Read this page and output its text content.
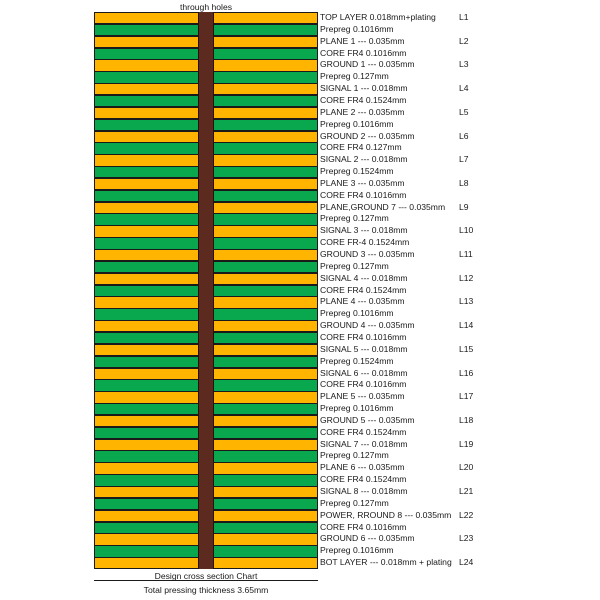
through holes
TOP LAYER 0.018mm+plating	L1
Prepreg 0.1016mm
PLANE 1 --- 0.035mm	L2
CORE FR4 0.1016mm
GROUND 1 --- 0.035mm	L3
Prepreg 0.127mm
SIGNAL 1 --- 0.018mm	L4
CORE FR4 0.1524mm
PLANE 2 --- 0.035mm	L5
Prepreg 0.1016mm
GROUND 2 --- 0.035mm	L6
CORE FR4 0.127mm
SIGNAL 2 --- 0.018mm	L7
Prepreg 0.1524mm
PLANE 3 --- 0.035mm	L8
CORE FR4 0.1016mm
PLANE,GROUND 7 --- 0.035mm L9
Prepreg 0.127mm
SIGNAL 3 --- 0.018mm	L10
CORE FR-4 0.1524mm
GROUND 3 --- 0.035mm	L11
Prepreg 0.127mm
SIGNAL 4 --- 0.018mm	L12
CORE FR4 0.1524mm
PLANE 4 --- 0.035mm	L13
Prepreg 0.1016mm
GROUND 4 --- 0.035mm	L14
CORE FR4 0.1016mm
SIGNAL 5 --- 0.018mm	L15
Prepreg 0.1524mm
SIGNAL 6 --- 0.018mm	L16
CORE FR4 0.1016mm
PLANE 5 --- 0.035mm	L17
Prepreg 0.1016mm
GROUND 5 --- 0.035mm	L18
CORE FR4 0.1524mm
SIGNAL 7 --- 0.018mm	L19
Prepreg 0.127mm
PLANE 6 --- 0.035mm	L20
CORE FR4 0.1524mm
SIGNAL 8 --- 0.018mm	L21
Prepreg 0.127mm
POWER, RROUND 8 --- 0.035mm L22
CORE FR4 0.1016mm
GROUND 6 --- 0.035mm	L23
Prepreg 0.1016mm
BOT LAYER --- 0.018mm + plating L24
Design cross section Chart
Total pressing thickness 3.65mm
